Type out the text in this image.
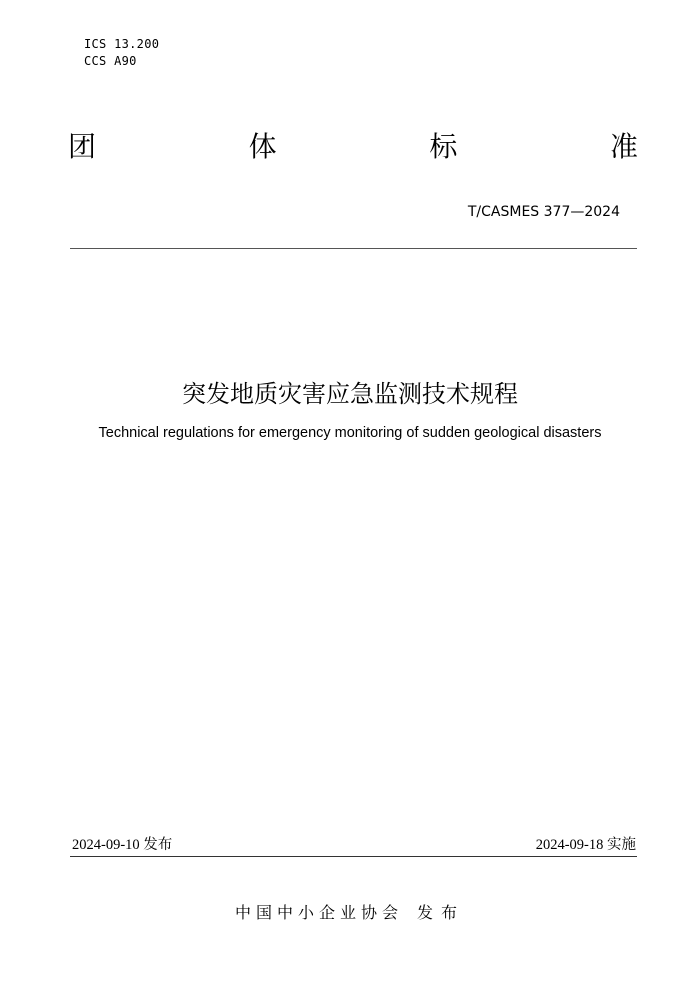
ICS 13.200
CCS A90
团	体	标	准
T/CASMES 377—2024
突发地质灾害应急监测技术规程
Technical regulations for emergency monitoring of sudden geological disasters
2024-09-10 发布	2024-09-18 实施
中国中小企业协会 发布
